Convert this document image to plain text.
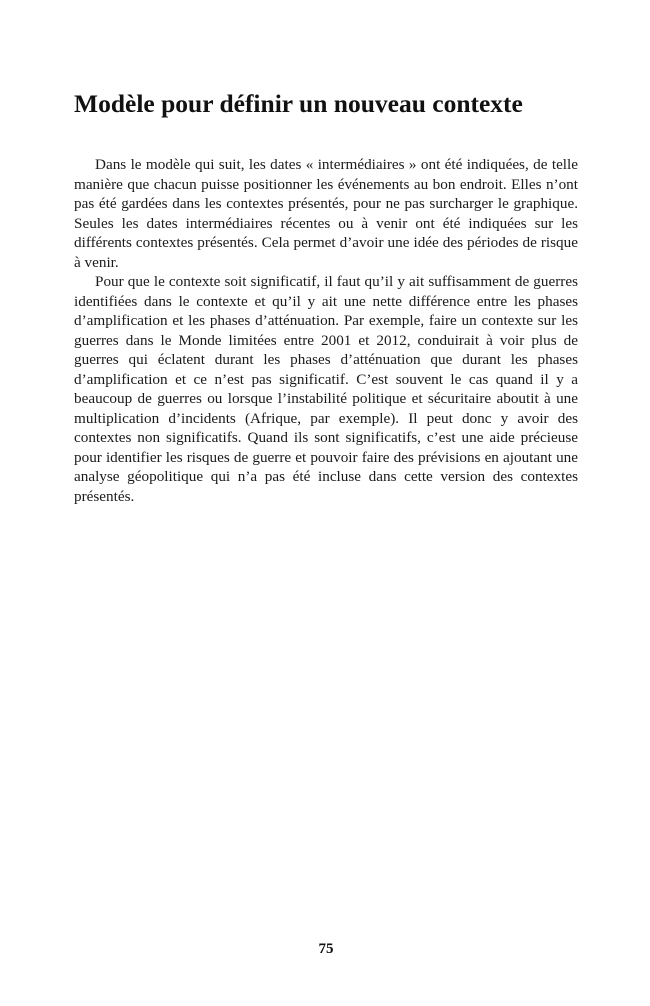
Modèle pour définir un nouveau contexte

Dans le modèle qui suit, les dates « intermédiaires » ont été indiquées, de telle manière que chacun puisse positionner les événements au bon endroit. Elles n’ont pas été gardées dans les contextes présentés, pour ne pas surcharger le graphique. Seules les dates intermédiaires récentes ou à venir ont été indiquées sur les différents contextes présentés. Cela permet d’avoir une idée des périodes de risque à venir.

Pour que le contexte soit significatif, il faut qu’il y ait suffisamment de guerres identifiées dans le contexte et qu’il y ait une nette différence entre les phases d’amplification et les phases d’atténuation. Par exemple, faire un contexte sur les guerres dans le Monde limitées entre 2001 et 2012, conduirait à voir plus de guerres qui éclatent durant les phases d’atténuation que durant les phases d’amplification et ce n’est pas significatif. C’est souvent le cas quand il y a beaucoup de guerres ou lorsque l’instabilité politique et sécuritaire aboutit à une multiplication d’incidents (Afrique, par exemple). Il peut donc y avoir des contextes non significatifs. Quand ils sont significatifs, c’est une aide précieuse pour identifier les risques de guerre et pouvoir faire des prévisions en ajoutant une analyse géopolitique qui n’a pas été incluse dans cette version des contextes présentés.

75
